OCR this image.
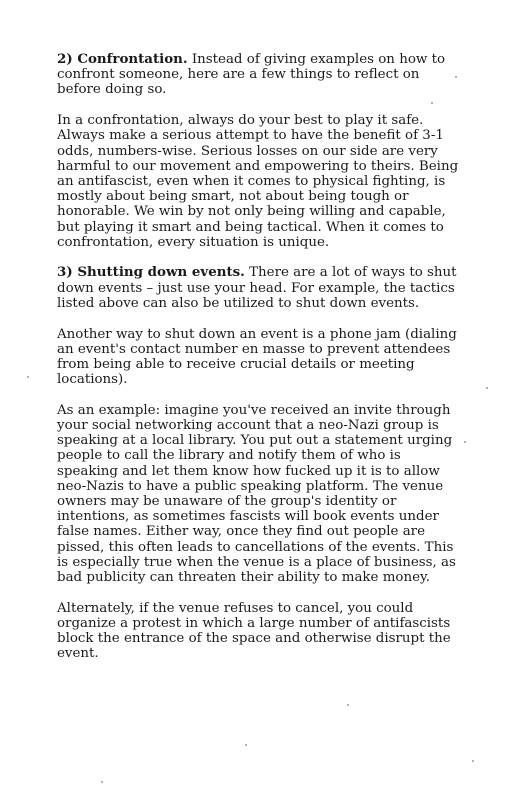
2) Confrontation. Instead of giving examples on how to confront someone, here are a few things to reflect on before doing so.

In a confrontation, always do your best to play it safe. Always make a serious attempt to have the benefit of 3-1 odds, numbers-wise. Serious losses on our side are very harmful to our movement and empowering to theirs. Being an antifascist, even when it comes to physical fighting, is mostly about being smart, not about being tough or honorable. We win by not only being willing and capable, but playing it smart and being tactical. When it comes to confrontation, every situation is unique.

3) Shutting down events. There are a lot of ways to shut down events – just use your head. For example, the tactics listed above can also be utilized to shut down events.

Another way to shut down an event is a phone jam (dialing an event's contact number en masse to prevent attendees from being able to receive crucial details or meeting locations).

As an example: imagine you've received an invite through your social networking account that a neo-Nazi group is speaking at a local library. You put out a statement urging people to call the library and notify them of who is speaking and let them know how fucked up it is to allow neo-Nazis to have a public speaking platform. The venue owners may be unaware of the group's identity or intentions, as sometimes fascists will book events under false names. Either way, once they find out people are pissed, this often leads to cancellations of the events. This is especially true when the venue is a place of business, as bad publicity can threaten their ability to make money.

Alternately, if the venue refuses to cancel, you could organize a protest in which a large number of antifascists block the entrance of the space and otherwise disrupt the event.
